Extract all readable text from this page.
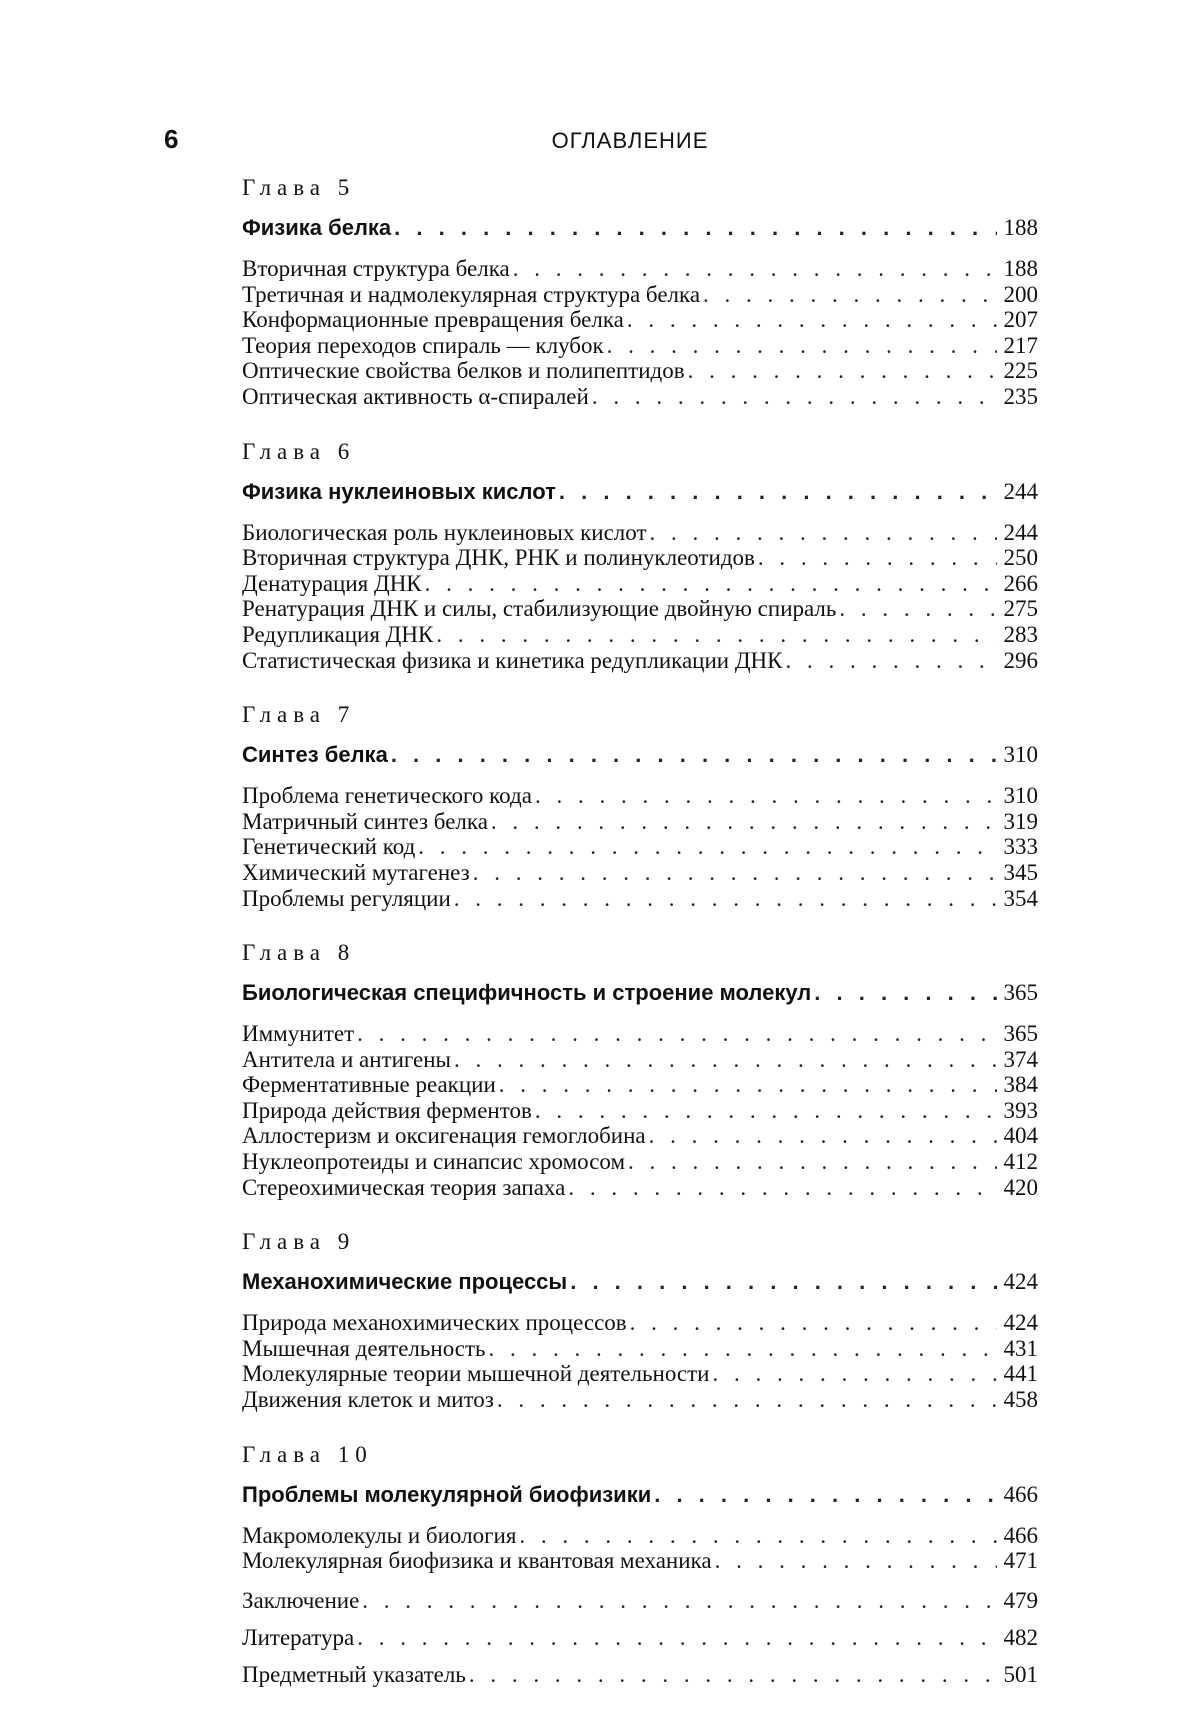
6	ОГЛАВЛЕНИЕ
Глава 5
Физика белка . . .	188
Вторичная структура белка . . .	188
Третичная и надмолекулярная структура белка . . .	200
Конформационные превращения белка . . .	207
Теория переходов спираль — клубок . . .	217
Оптические свойства белков и полипептидов . . .	225
Оптическая активность α-спиралей . . .	235
Глава 6
Физика нуклеиновых кислот . . .	244
Биологическая роль нуклеиновых кислот . . .	244
Вторичная структура ДНК, РНК и полинуклеотидов . . .	250
Денатурация ДНК . . .	266
Ренатурация ДНК и силы, стабилизующие двойную спираль . . .	275
Редупликация ДНК . . .	283
Статистическая физика и кинетика редупликации ДНК . . .	296
Глава 7
Синтез белка . . .	310
Проблема генетического кода . . .	310
Матричный синтез белка . . .	319
Генетический код . . .	333
Химический мутагенез . . .	345
Проблемы регуляции . . .	354
Глава 8
Биологическая специфичность и строение молекул . . .	365
Иммунитет . . .	365
Антитела и антигены . . .	374
Ферментативные реакции . . .	384
Природа действия ферментов . . .	393
Аллостеризм и оксигенация гемоглобина . . .	404
Нуклеопротеиды и синапсис хромосом . . .	412
Стереохимическая теория запаха . . .	420
Глава 9
Механохимические процессы . . .	424
Природа механохимических процессов . . .	424
Мышечная деятельность . . .	431
Молекулярные теории мышечной деятельности . . .	441
Движения клеток и митоз . . .	458
Глава 10
Проблемы молекулярной биофизики . . .	466
Макромолекулы и биология . . .	466
Молекулярная биофизика и квантовая механика . . .	471
Заключение . . .	479
Литература . . .	482
Предметный указатель . . .	501
